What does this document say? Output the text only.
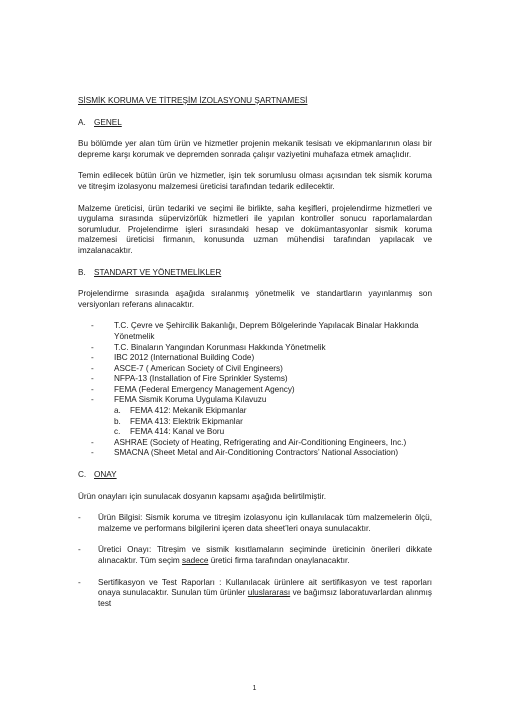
SİSMİK KORUMA VE TİTREŞİM İZOLASYONU ŞARTNAMESİ

A.	GENEL

Bu bölümde yer alan tüm ürün ve hizmetler projenin mekanik tesisatı ve ekipmanlarının olası bir depreme karşı korumak ve depremden sonrada çalışır vaziyetini muhafaza etmek amaçlıdır.

Temin edilecek bütün ürün ve hizmetler, işin tek sorumlusu olması açısından tek sismik koruma ve titreşim izolasyonu malzemesi üreticisi tarafından tedarik edilecektir.

Malzeme üreticisi, ürün tedariki ve seçimi ile birlikte, saha keşifleri, projelendirme hizmetleri ve uygulama sırasında süpervizörlük hizmetleri ile yapılan kontroller sonucu raporlamalardan sorumludur. Projelendirme işleri sırasındaki hesap ve dokümantasyonlar sismik koruma malzemesi üreticisi firmanın, konusunda uzman mühendisi tarafından yapılacak ve imzalanacaktır.

B.	STANDART VE YÖNETMELİKLER

Projelendirme sırasında aşağıda sıralanmış yönetmelik ve standartların yayınlanmış son versiyonları referans alınacaktır.

-	T.C. Çevre ve Şehircilik Bakanlığı, Deprem Bölgelerinde Yapılacak Binalar Hakkında Yönetmelik
-	T.C. Binaların Yangından Korunması Hakkında Yönetmelik
-	IBC 2012 (International Building Code)
-	ASCE-7 ( American Society of Civil Engineers)
-	NFPA-13 (Installation of Fire Sprinkler Systems)
-	FEMA (Federal Emergency Management Agency)
-	FEMA Sismik Koruma Uygulama Kılavuzu
a.	FEMA 412: Mekanik Ekipmanlar
b.	FEMA 413: Elektrik Ekipmanlar
c.	FEMA 414: Kanal ve Boru
-	ASHRAE (Society of Heating, Refrigerating and Air-Conditioning Engineers, Inc.)
-	SMACNA (Sheet Metal and Air-Conditioning Contractors’ National Association)
C. ONAY

Ürün onayları için sunulacak dosyanın kapsamı aşağıda belirtilmiştir.

-	Ürün Bilgisi: Sismik koruma ve titreşim izolasyonu için kullanılacak tüm malzemelerin ölçü, malzeme ve performans bilgilerini içeren data sheet’leri onaya sunulacaktır.
-	Üretici Onayı: Titreşim ve sismik kısıtlamaların seçiminde üreticinin önerileri dikkate alınacaktır. Tüm seçim sadece üretici firma tarafından onaylanacaktır.
-	Sertifikasyon ve Test Raporları : Kullanılacak ürünlere ait sertifikasyon ve test raporları onaya sunulacaktır. Sunulan tüm ürünler uluslararası ve bağımsız laboratuvarlardan alınmış test
1
